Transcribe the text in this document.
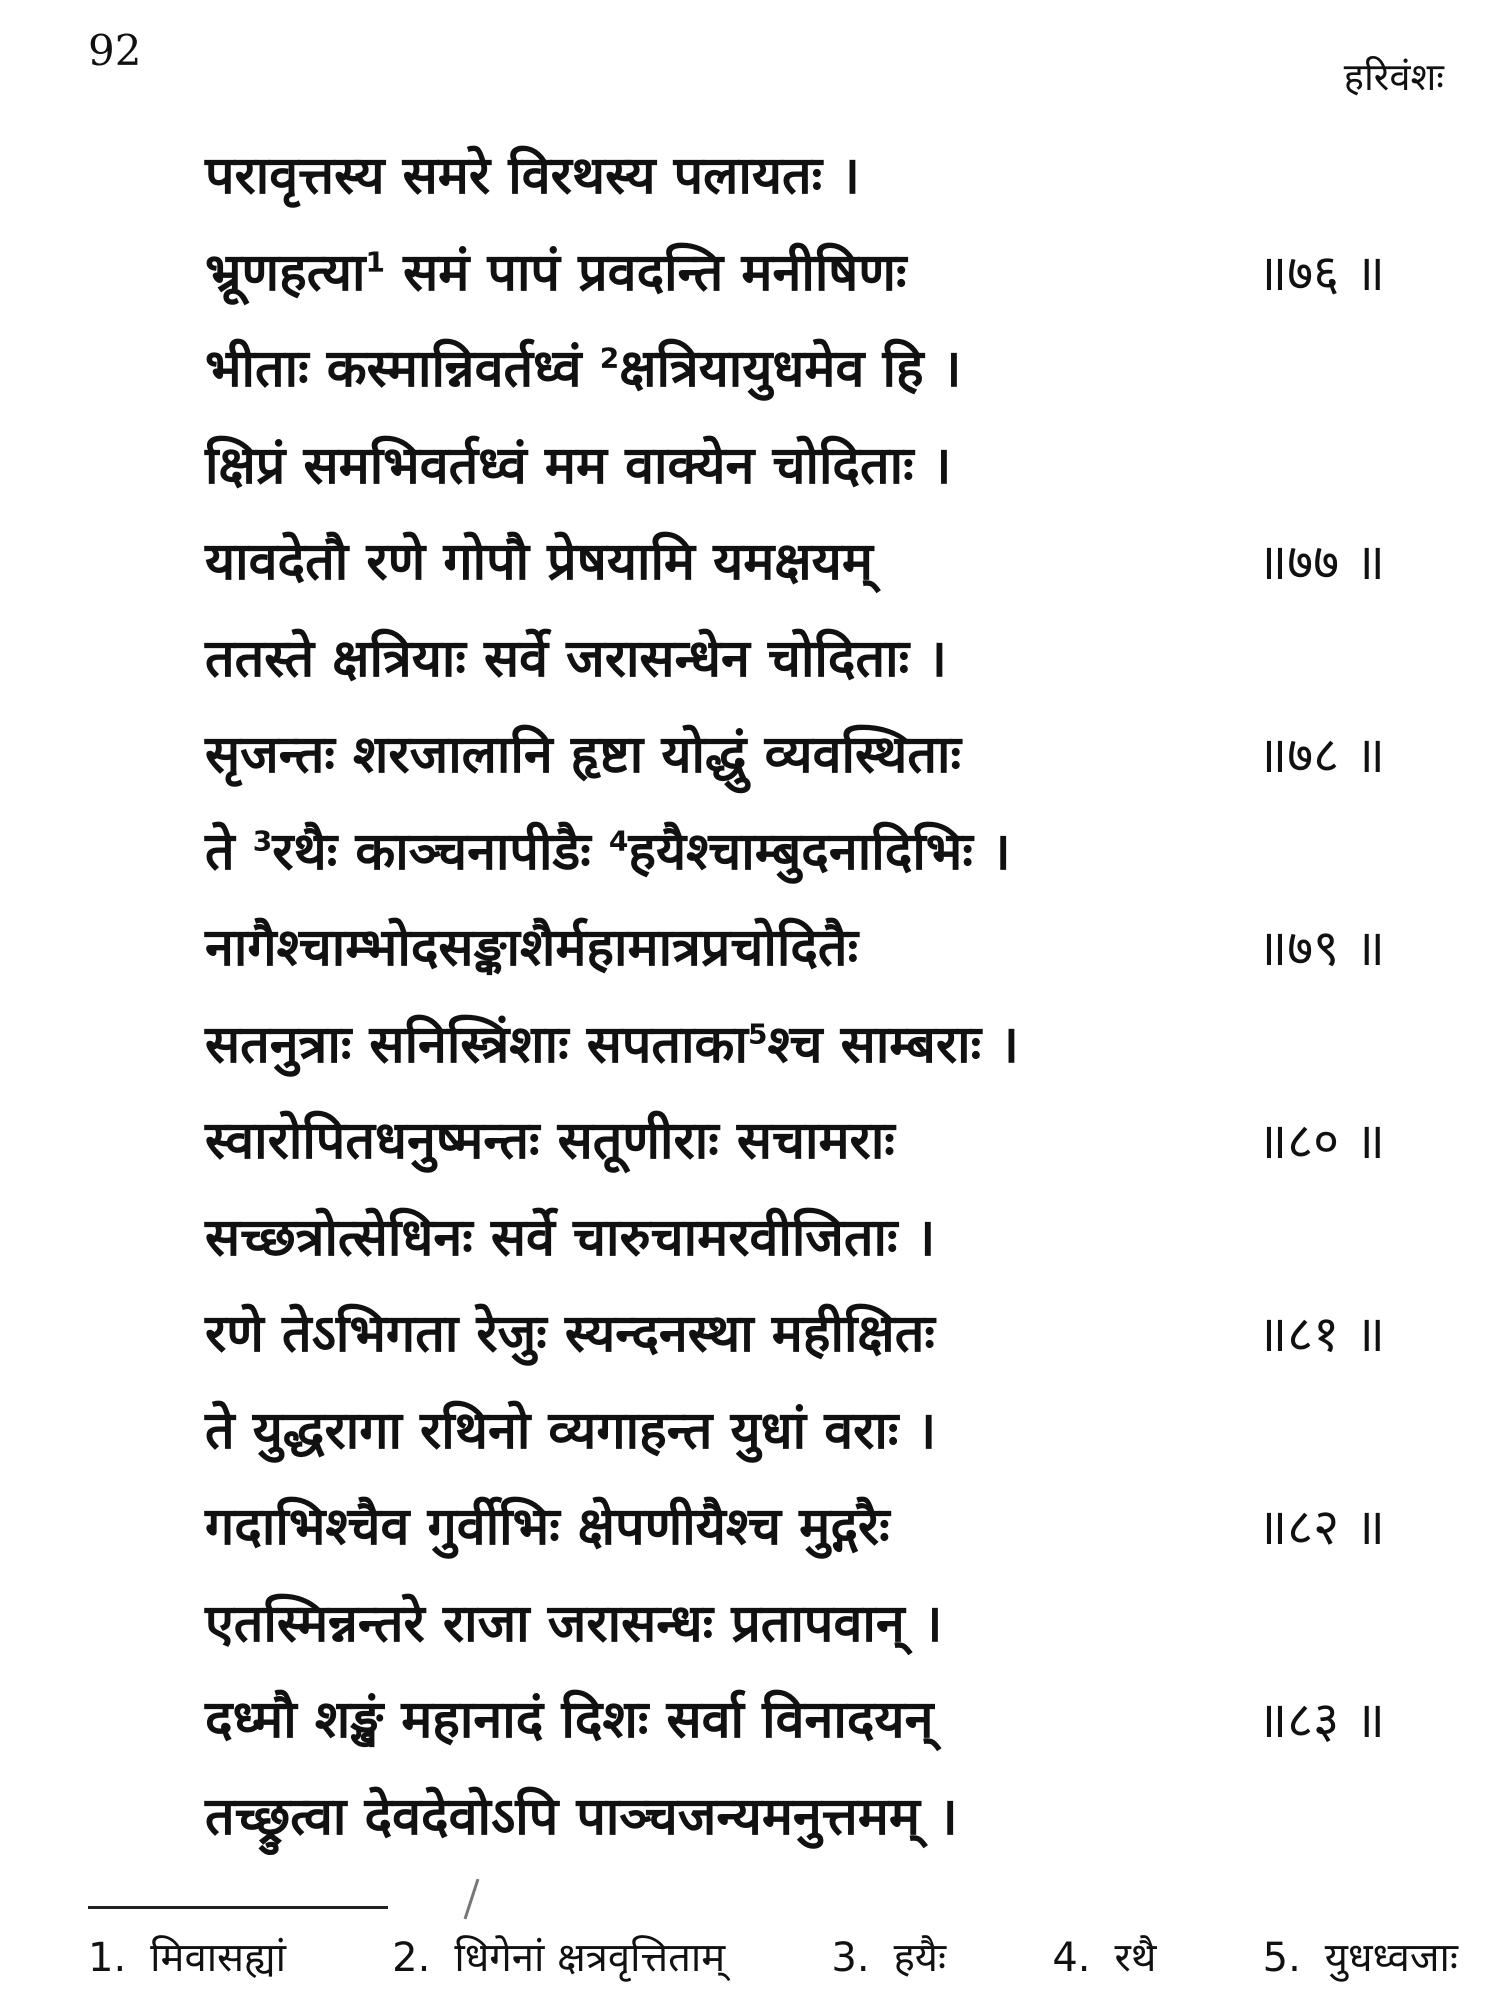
92
हरिवंशः
परावृत्तस्य समरे विरथस्य पलायतः ।
भ्रूणहत्या$^1$ समं पापं प्रवदन्ति मनीषिणः	॥७६ ॥
भीताः कस्मान्निवर्तध्वं $^2$क्षत्रियायुधमेव हि ।
क्षिप्रं समभिवर्तध्वं मम वाक्येन चोदिताः ।
यावदेतौ रणे गोपौ प्रेषयामि यमक्षयम्	॥७७ ॥
ततस्ते क्षत्रियाः सर्वे जरासन्धेन चोदिताः ।
सृजन्तः शरजालानि हृष्टा योद्धुं व्यवस्थिताः	॥७८ ॥
ते $^3$रथैः काञ्चनापीडैः $^4$हयैश्चाम्बुदनादिभिः ।
नागैश्चाम्भोदसङ्काशैर्महामात्रप्रचोदितैः	॥७९ ॥
सतनुत्राः सनिस्त्रिंशाः सपताका$^5$श्च साम्बराः ।
स्वारोपितधनुष्मन्तः सतूणीराः सचामराः	॥८० ॥
सच्छत्रोत्सेधिनः सर्वे चारुचामरवीजिताः ।
रणे तेऽभिगता रेजुः स्यन्दनस्था महीक्षितः	॥८१ ॥
ते युद्धरागा रथिनो व्यगाहन्त युधां वराः ।
गदाभिश्चैव गुर्वीभिः क्षेपणीयैश्च मुद्गरैः	॥८२ ॥
एतस्मिन्नन्तरे राजा जरासन्धः प्रतापवान् ।
दध्मौ शङ्खं महानादं दिशः सर्वा विनादयन्	॥८३ ॥
तच्छ्रुत्वा देवदेवोऽपि पाञ्चजन्यमनुत्तमम् ।
1. मिवासह्यां	2. धिगेनां क्षत्रवृत्तिताम्	3. हयैः	4. रथै	5. युधध्वजाः
